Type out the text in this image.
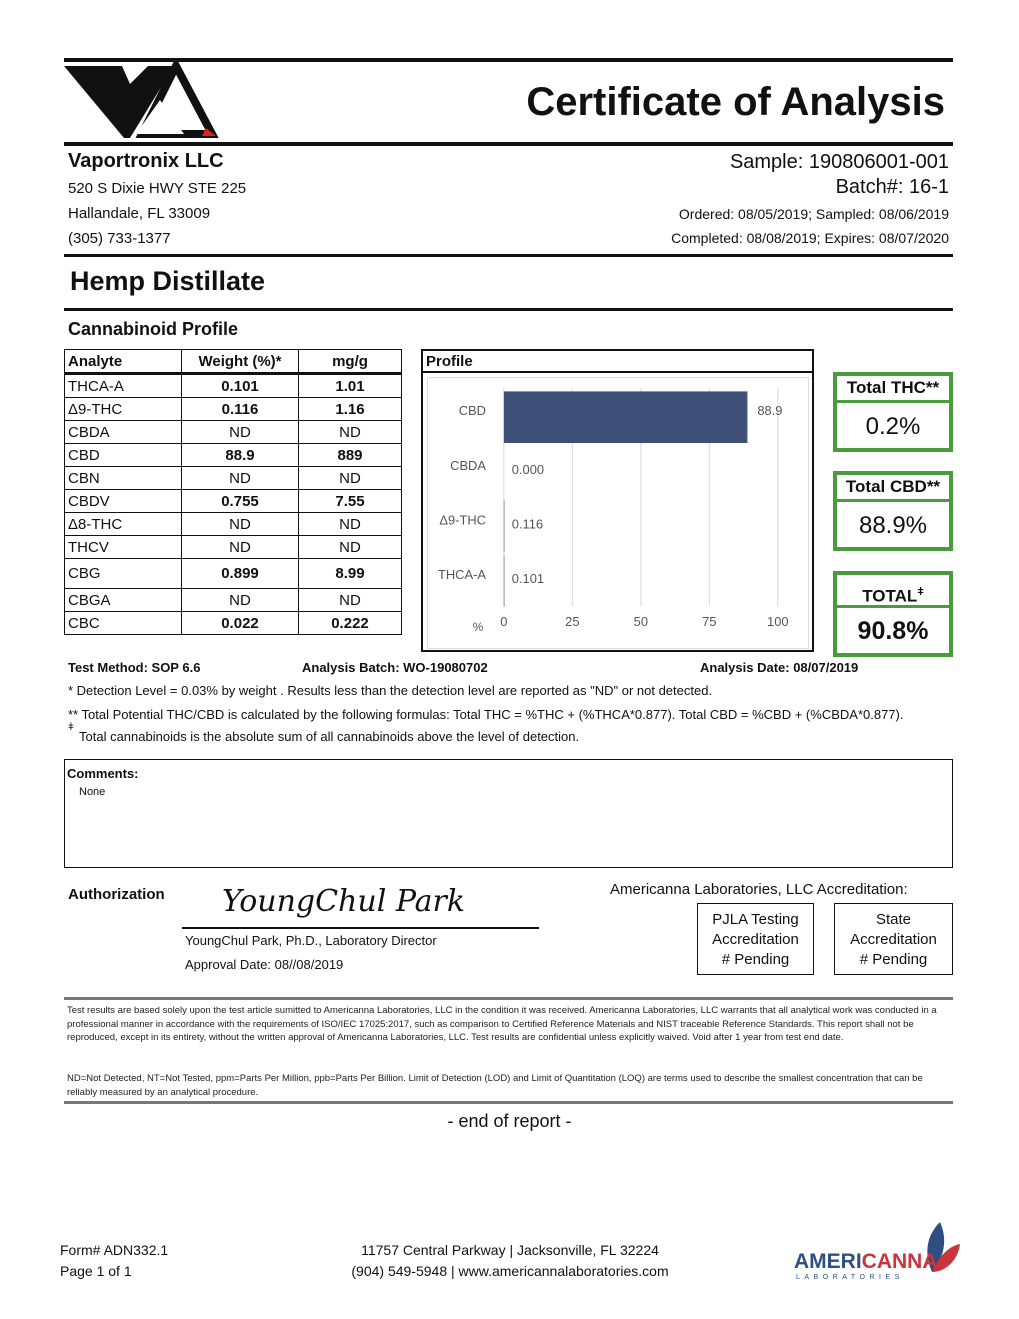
Certificate of Analysis
Vaportronix LLC
520 S Dixie HWY STE 225
Hallandale, FL 33009
(305) 733-1377
Sample: 190806001-001
Batch#: 16-1
Ordered: 08/05/2019; Sampled: 08/06/2019
Completed: 08/08/2019; Expires: 08/07/2020
Hemp Distillate
Cannabinoid Profile
Analyte	Weight (%)*	mg/g
THCA-A	0.101	1.01
Δ9-THC	0.116	1.16
CBDA	ND	ND
CBD	88.9	889
CBN	ND	ND
CBDV	0.755	7.55
Δ8-THC	ND	ND
THCV	ND	ND
CBG	0.899	8.99
CBGA	ND	ND
CBC	0.022	0.222
Profile
0	25	50	75	100
%
CBD	88.9
CBDA 0.000
Δ9-THC 0.116
THCA-A 0.101
Total THC**
0.2%
Total CBD**
88.9%
$TOTAL^ǂ$
90.8%
Test Method: SOP 6.6	Analysis Batch: WO-19080702	Analysis Date: 08/07/2019
* Detection Level = 0.03% by weight . Results less than the detection level are reported as "ND" or not detected.
** Total Potential THC/CBD is calculated by the following formulas: Total THC = %THC + (%THCA*0.877). Total CBD = %CBD + (%CBDA*0.877).
ǂ
Total cannabinoids is the absolute sum of all cannabinoids above the level of detection.
Comments:
None
Authorization YoungChul Park
YoungChul Park, Ph.D., Laboratory Director
Approval Date: 08//08/2019
Americanna Laboratories, LLC Accreditation:
PJLA Testing
Accreditation
# Pending
State
Accreditation
# Pending
Test results are based solely upon the test article sumitted to Americanna Laboratories, LLC in the condition it was received. Americanna Laboratories, LLC warrants that all analytical work was conducted in a professional manner in accordance with the requirements of ISO/IEC 17025:2017, such as comparison to Certified Reference Materials and NIST traceable Reference Standards. This report shall not be reproduced, except in its entirety, without the written approval of Americanna Laboratories, LLC. Test results are confidential unless explicitly waived. Void after 1 year from test end date.
ND=Not Detected, NT=Not Tested, ppm=Parts Per Million, ppb=Parts Per Billion. Limit of Detection (LOD) and Limit of Quantitation (LOQ) are terms used to describe the smallest concentration that can be reliably measured by an analytical procedure.
- end of report -
Form# ADN332.1
Page 1 of 1
11757 Central Parkway | Jacksonville, FL 32224
(904) 549-5948 | www.americannalaboratories.com	AMERICANNA
LABORATORIES
